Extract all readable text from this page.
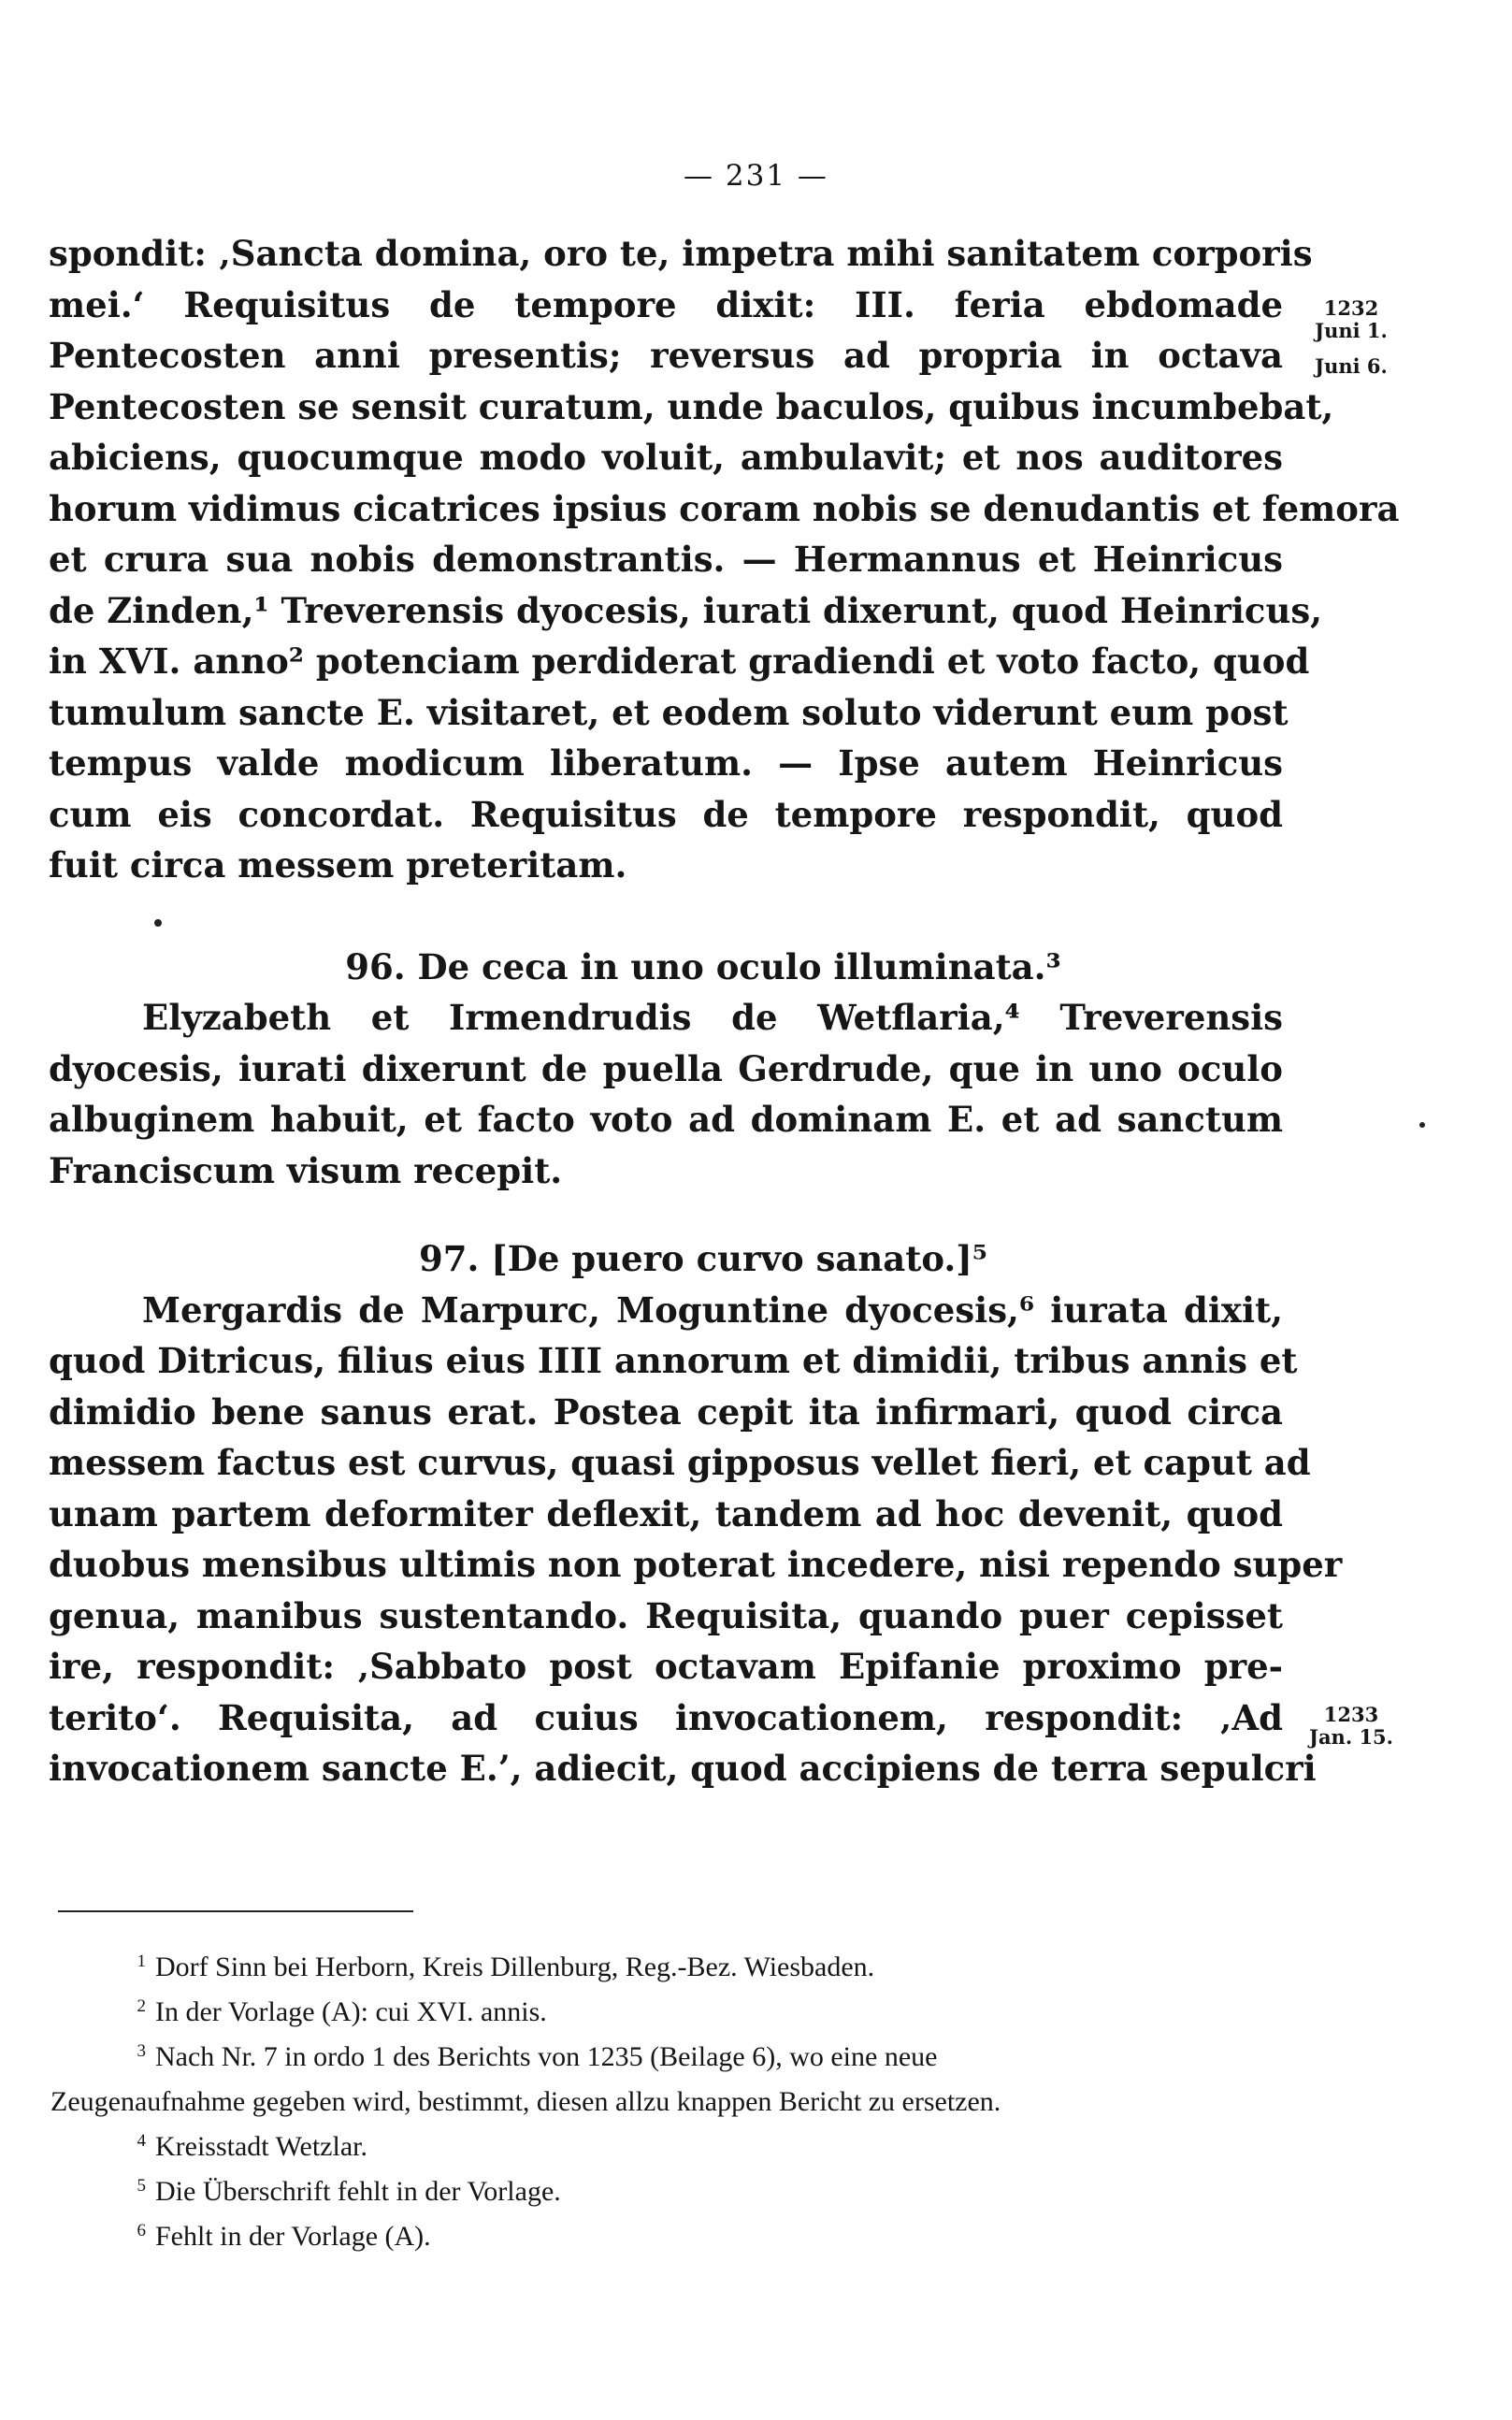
— 231 —
spondit: ‚Sancta domina, oro te, impetra mihi sanitatem corporis
mei.‘ Requisitus de tempore dixit: III. feria ebdomade
Pentecosten anni presentis; reversus ad propria in octava
Pentecosten se sensit curatum, unde baculos, quibus incumbebat,
abiciens, quocumque modo voluit, ambulavit; et nos auditores
horum vidimus cicatrices ipsius coram nobis se denudantis et femora
et crura sua nobis demonstrantis. — Hermannus et Heinricus
de Zinden,¹ Treverensis dyocesis, iurati dixerunt, quod Heinricus,
in XVI. anno² potenciam perdiderat gradiendi et voto facto, quod
tumulum sancte E. visitaret, et eodem soluto viderunt eum post
tempus valde modicum liberatum. — Ipse autem Heinricus
cum eis concordat. Requisitus de tempore respondit, quod
fuit circa messem preteritam.
96. De ceca in uno oculo illuminata.³
Elyzabeth et Irmendrudis de Wetflaria,⁴ Treverensis
dyocesis, iurati dixerunt de puella Gerdrude, que in uno oculo
albuginem habuit, et facto voto ad dominam E. et ad sanctum
Franciscum visum recepit.
97. [De puero curvo sanato.]⁵
Mergardis de Marpurc, Moguntine dyocesis,⁶ iurata dixit,
quod Ditricus, filius eius IIII annorum et dimidii, tribus annis et
dimidio bene sanus erat. Postea cepit ita infirmari, quod circa
messem factus est curvus, quasi gipposus vellet fieri, et caput ad
unam partem deformiter deflexit, tandem ad hoc devenit, quod
duobus mensibus ultimis non poterat incedere, nisi rependo super
genua, manibus sustentando. Requisita, quando puer cepisset
ire, respondit: ‚Sabbato post octavam Epifanie proximo pre-
terito‘. Requisita, ad cuius invocationem, respondit: ‚Ad
invocationem sancte E.’, adiecit, quod accipiens de terra sepulcri
1232
Juni 1.
Juni 6.
1233
Jan. 15.
1 Dorf Sinn bei Herborn, Kreis Dillenburg, Reg.-Bez. Wiesbaden.
2 In der Vorlage (A): cui XVI. annis.
3 Nach Nr. 7 in ordo 1 des Berichts von 1235 (Beilage 6), wo eine neue
Zeugenaufnahme gegeben wird, bestimmt, diesen allzu knappen Bericht zu ersetzen.
4 Kreisstadt Wetzlar.
5 Die Überschrift fehlt in der Vorlage.
6 Fehlt in der Vorlage (A).
